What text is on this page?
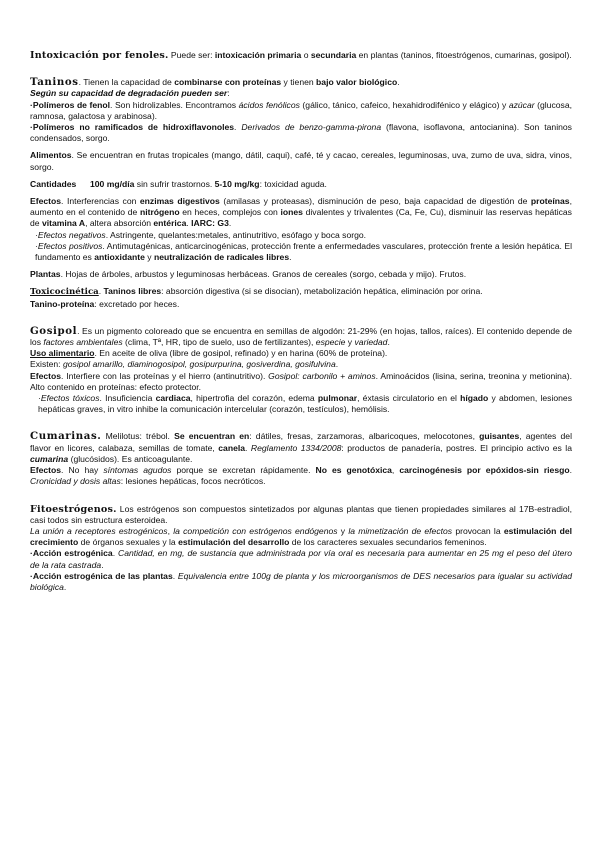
Intoxicación por fenoles. Puede ser: intoxicación primaria o secundaria en plantas (taninos, fitoestrógenos, cumarinas, gosipol).

Taninos. Tienen la capacidad de combinarse con proteínas y tienen bajo valor biológico.

Según su capacidad de degradación pueden ser:

·Polímeros de fenol. Son hidrolizables. Encontramos ácidos fenólicos (gálico, tánico, cafeico, hexahidrodifénico y elágico) y azúcar (glucosa, ramnosa, galactosa y arabinosa).

·Polímeros no ramificados de hidroxiflavonoles. Derivados de benzo-gamma-pirona (flavona, isoflavona, antocianina). Son taninos condensados, sorgo.

Alimentos. Se encuentran en frutas tropicales (mango, dátil, caqui), café, té y cacao, cereales, leguminosas, uva, zumo de uva, sidra, vinos, sorgo.

Cantidades 100 mg/día sin sufrir trastornos. 5-10 mg/kg: toxicidad aguda.

Efectos. Interferencias con enzimas digestivos (amilasas y proteasas), disminución de peso, baja capacidad de digestión de proteínas, aumento en el contenido de nitrógeno en heces, complejos con iones divalentes y trivalentes (Ca, Fe, Cu), disminuir las reservas hepáticas de vitamina A, altera absorción entérica. IARC: G3.

·Efectos negativos. Astringente, quelantes:metales, antinutritivo, esófago y boca sorgo.

·Efectos positivos. Antimutagénicas, anticarcinogénicas, protección frente a enfermedades vasculares, protección frente a lesión hepática. El fundamento es antioxidante y neutralización de radicales libres.

Plantas. Hojas de árboles, arbustos y leguminosas herbáceas. Granos de cereales (sorgo, cebada y mijo). Frutos.

Toxicocinética. Taninos libres: absorción digestiva (si se disocian), metabolización hepática, eliminación por orina.

Tanino-proteína: excretado por heces.

Gosipol. Es un pigmento coloreado que se encuentra en semillas de algodón: 21-29% (en hojas, tallos, raíces). El contenido depende de los factores ambientales (clima, Tª, HR, tipo de suelo, uso de fertilizantes), especie y variedad.

Uso alimentario. En aceite de oliva (libre de gosipol, refinado) y en harina (60% de proteína).

Existen: gosipol amarillo, diaminogosipol, gosipurpurina, gosiverdina, gosifulvina.

Efectos. Interfiere con las proteínas y el hierro (antinutritivo). Gosipol: carbonilo + aminos. Aminoácidos (lisina, serina, treonina y metionina). Alto contenido en proteínas: efecto protector.

·Efectos tóxicos. Insuficiencia cardiaca, hipertrofia del corazón, edema pulmonar, éxtasis circulatorio en el hígado y abdomen, lesiones hepáticas graves, in vitro inhibe la comunicación intercelular (corazón, testículos), hemólisis.

Cumarinas. Melilotus: trébol. Se encuentran en: dátiles, fresas, zarzamoras, albaricoques, melocotones, guisantes, agentes del flavor en licores, calabaza, semillas de tomate, canela. Reglamento 1334/2008: productos de panadería, postres. El principio activo es la cumarina (glucósidos). Es anticoagulante.

Efectos. No hay síntomas agudos porque se excretan rápidamente. No es genotóxica, carcinogénesis por epóxidos-sin riesgo. Cronicidad y dosis altas: lesiones hepáticas, focos necróticos.

Fitoestrógenos. Los estrógenos son compuestos sintetizados por algunas plantas que tienen propiedades similares al 17B-estradiol, casi todos sin estructura esteroidea.

La unión a receptores estrogénicos, la competición con estrógenos endógenos y la mimetización de efectos provocan la estimulación del crecimiento de órganos sexuales y la estimulación del desarrollo de los caracteres sexuales secundarios femeninos.

·Acción estrogénica. Cantidad, en mg, de sustancia que administrada por vía oral es necesaria para aumentar en 25 mg el peso del útero de la rata castrada.

·Acción estrogénica de las plantas. Equivalencia entre 100g de planta y los microorganismos de DES necesarios para igualar su actividad biológica.
